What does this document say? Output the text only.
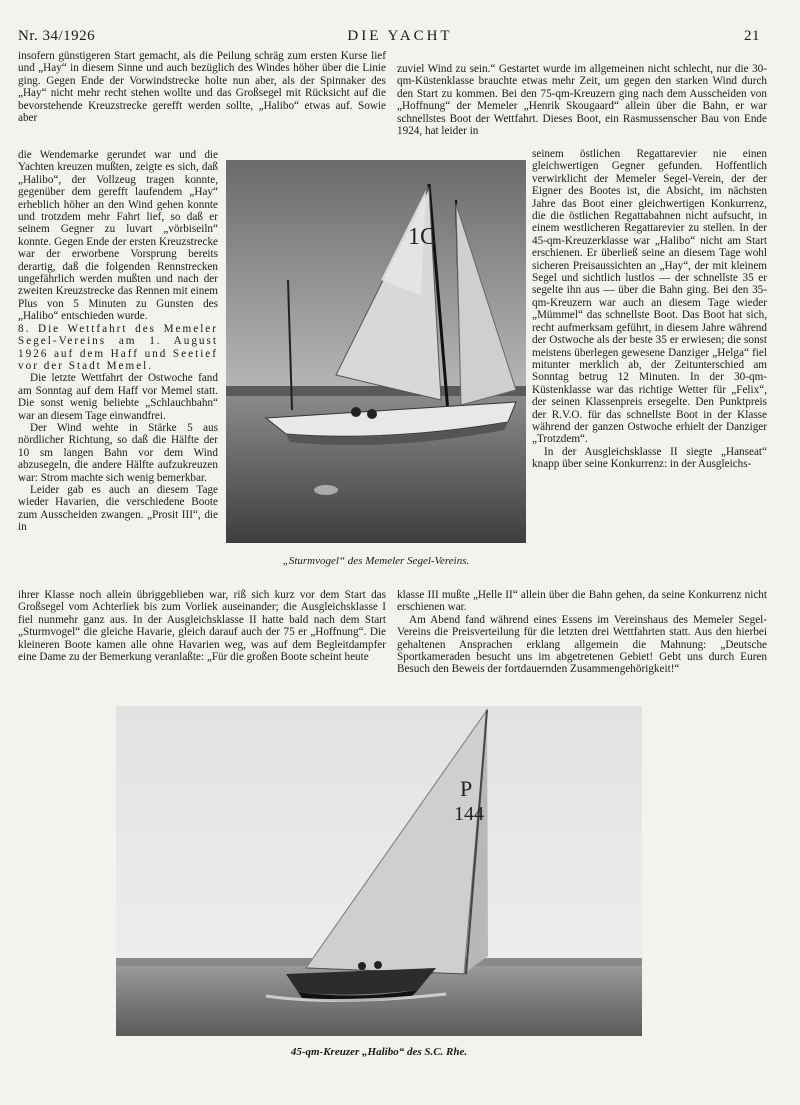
Nr. 34/1926	DIE YACHT	21

insofern günstigeren Start gemacht, als die Peilung schräg zum ersten Kurse lief und „Hay“ in diesem Sinne und auch bezüglich des Windes höher über die Linie ging. Gegen Ende der Vorwindstrecke holte nun aber, als der Spinnaker des „Hay“ nicht mehr recht stehen wollte und das Großsegel mit Rücksicht auf die bevorstehende Kreuzstrecke gerefft werden sollte, „Halibo“ etwas auf. Sowie aber

die Wendemarke gerundet war und die Yachten kreuzen mußten, zeigte es sich, daß „Halibo“, der Vollzeug tragen konnte, gegenüber dem gerefft laufendem „Hay“ erheblich höher an den Wind gehen konnte und trotzdem mehr Fahrt lief, so daß er seinem Gegner zu luvart „vörbiseiln“ konnte. Gegen Ende der ersten Kreuzstrecke war der erworbene Vorsprung bereits derartig, daß die folgenden Rennstrecken ungefährlich werden mußten und nach der zweiten Kreuzstrecke das Rennen mit einem Plus von 5 Minuten zu Gunsten des „Halibo“ entschieden wurde.

8. Die Wettfahrt des Memeler Segel-Vereins am 1. August 1926 auf dem Haff und Seetief vor der Stadt Memel.

Die letzte Wettfahrt der Ostwoche fand am Sonntag auf dem Haff vor Memel statt. Die sonst wenig beliebte „Schlauchbahn“ war an diesem Tage einwandfrei.

Der Wind wehte in Stärke 5 aus nördlicher Richtung, so daß die Hälfte der 10 sm langen Bahn vor dem Wind abzusegeln, die andere Hälfte aufzukreuzen war: Strom machte sich wenig bemerkbar.

Leider gab es auch an diesem Tage wieder Havarien, die verschiedene Boote zum Ausscheiden zwangen. „Prosit III“, die in

ihrer Klasse noch allein übriggeblieben war, riß sich kurz vor dem Start das Großsegel vom Achterliek bis zum Vorliek auseinander; die Ausgleichsklasse I fiel nunmehr ganz aus. In der Ausgleichsklasse II hatte bald nach dem Start „Sturmvogel“ die gleiche Havarie, gleich darauf auch der 75 er „Hoffnung“. Die kleineren Boote kamen alle ohne Havarien weg, was auf dem Begleitdampfer eine Dame zu der Bemerkung veranlaßte: „Für die großen Boote scheint heute

zuviel Wind zu sein.“ Gestartet wurde im allgemeinen nicht schlecht, nur die 30-qm-Küstenklasse brauchte etwas mehr Zeit, um gegen den starken Wind durch den Start zu kommen. Bei den 75-qm-Kreuzern ging nach dem Ausscheiden von „Hoffnung“ der Memeler „Henrik Skougaard“ allein über die Bahn, er war schnellstes Boot der Wettfahrt. Dieses Boot, ein Rasmussenscher Bau von Ende 1924, hat leider in

seinem östlichen Regattarevier nie einen gleichwertigen Gegner gefunden. Hoffentlich verwirklicht der Memeler Segel-Verein, der der Eigner des Bootes ist, die Absicht, im nächsten Jahre das Boot einer gleichwertigen Konkurrenz, die die östlichen Regattabahnen nicht aufsucht, in einem westlicheren Regattarevier zu stellen. In der 45-qm-Kreuzerklasse war „Halibo“ nicht am Start erschienen. Er überließ seine an diesem Tage wohl sicheren Preisaussichten an „Hay“, der mit kleinem Segel und sichtlich lustlos — der schnellste 35 er segelte ihn aus — über die Bahn ging. Bei den 35-qm-Kreuzern war auch an diesem Tage wieder „Mümmel“ das schnellste Boot. Das Boot hat sich, recht aufmerksam geführt, in diesem Jahre während der Ostwoche als der beste 35 er erwiesen; die sonst meistens überlegen gewesene Danziger „Helga“ fiel mitunter merklich ab, der Zeitunterschied am Sonntag betrug 12 Minuten. In der 30-qm-Küstenklasse war das richtige Wetter für „Felix“, der seinen Klassenpreis ersegelte. Den Punktpreis der R.V.O. für das schnellste Boot in der Klasse während der ganzen Ostwoche erhielt der Danziger „Trotzdem“.

In der Ausgleichsklasse II siegte „Hanseat“ knapp über seine Konkurrenz: in der Ausgleichs-

klasse III mußte „Helle II“ allein über die Bahn gehen, da seine Konkurrenz nicht erschienen war.

Am Abend fand während eines Essens im Vereinshaus des Memeler Segel-Vereins die Preisverteilung für die letzten drei Wettfahrten statt. Aus den hierbei gehaltenen Ansprachen erklang allgemein die Mahnung: „Deutsche Sportkameraden besucht uns im abgetretenen Gebiet! Gebt uns durch Euren Besuch den Beweis der fortdauernden Zusammengehörigkeit!“

1C
„Sturmvogel“ des Memeler Segel-Vereins.
P
144
45-qm-Kreuzer „Halibo“ des S.C. Rhe.
